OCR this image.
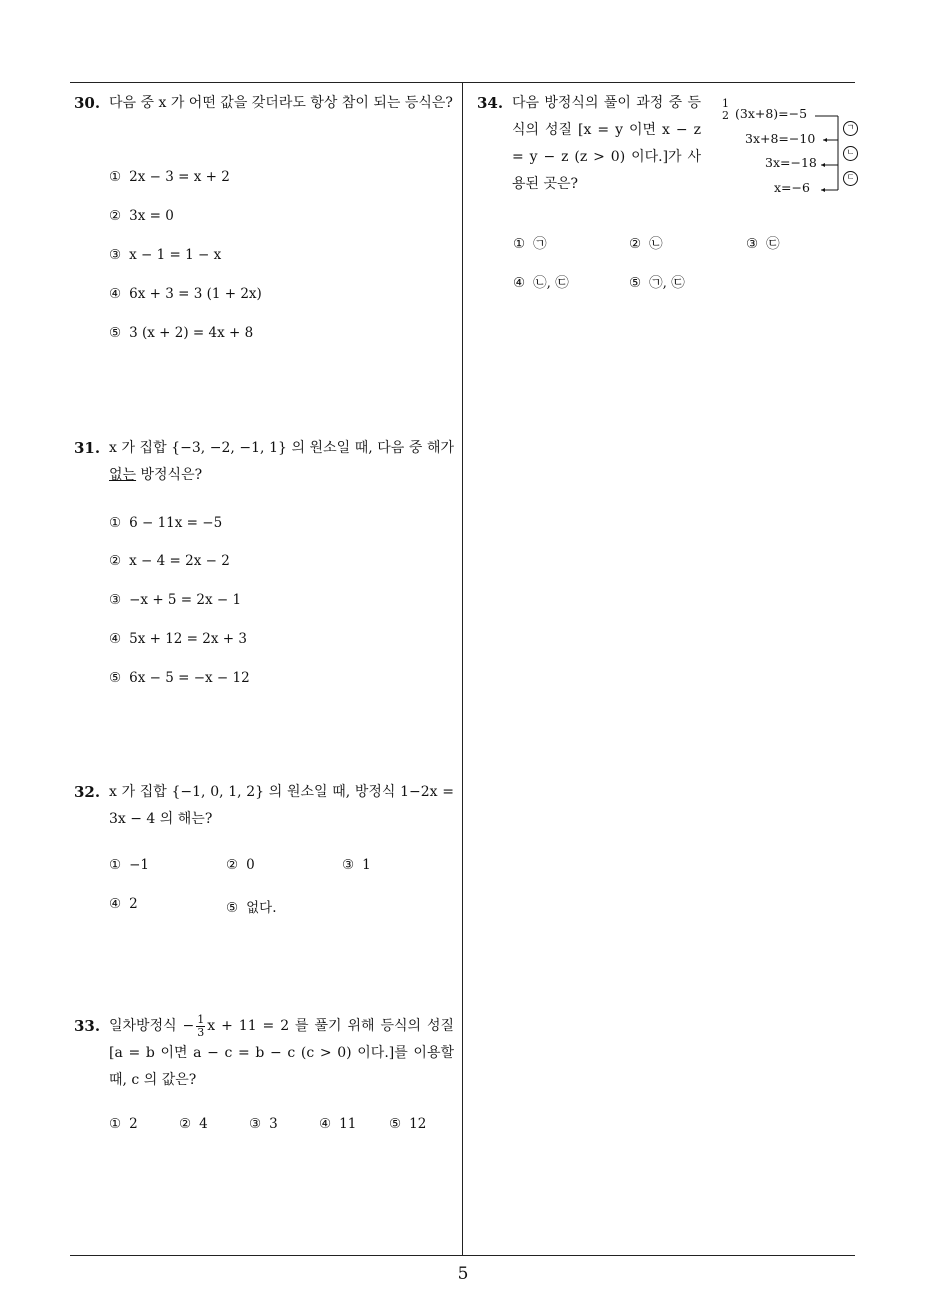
30. 다음 중 x 가 어떤 값을 갖더라도 항상 참이 되는 등식은?
① 2x − 3 = x + 2
② 3x = 0
③ x − 1 = 1 − x
④ 6x + 3 = 3 (1 + 2x)
⑤ 3 (x + 2) = 4x + 8
31. x 가 집합 {−3, −2, −1, 1} 의 원소일 때, 다음 중 해가 없는 방정식은?
① 6 − 11x = −5
② x − 4 = 2x − 2
③ −x + 5 = 2x − 1
④ 5x + 12 = 2x + 3
⑤ 6x − 5 = −x − 12
32. x 가 집합 {−1, 0, 1, 2} 의 원소일 때, 방정식 1−2x = 3x − 4 의 해는?
① −1	② 0	③ 1
④ 2	⑤ 없다.
33. 일차방정식 − $\frac{1}{3}$ x + 11 = 2 를 풀기 위해 등식의 성질 [a = b 이면 a − c = b − c (c > 0) 이다.]를 이용할 때, c 의 값은?
① 2	② 4	③ 3	④ 11 ⑤ 12
34. 다음 방정식의 풀이 과정 중 등식의 성질 [x = y 이면 x − z = y − z (z > 0) 이다.]가 사용된 곳은?
1
2 (3x+8)=−5
3x+8=−10
3x=−18
x=−6
ㄱ
ㄴ
ㄷ
① ㉠	② ㉡	③ ㉢
④ ㉡, ㉢	⑤ ㉠, ㉢
5
